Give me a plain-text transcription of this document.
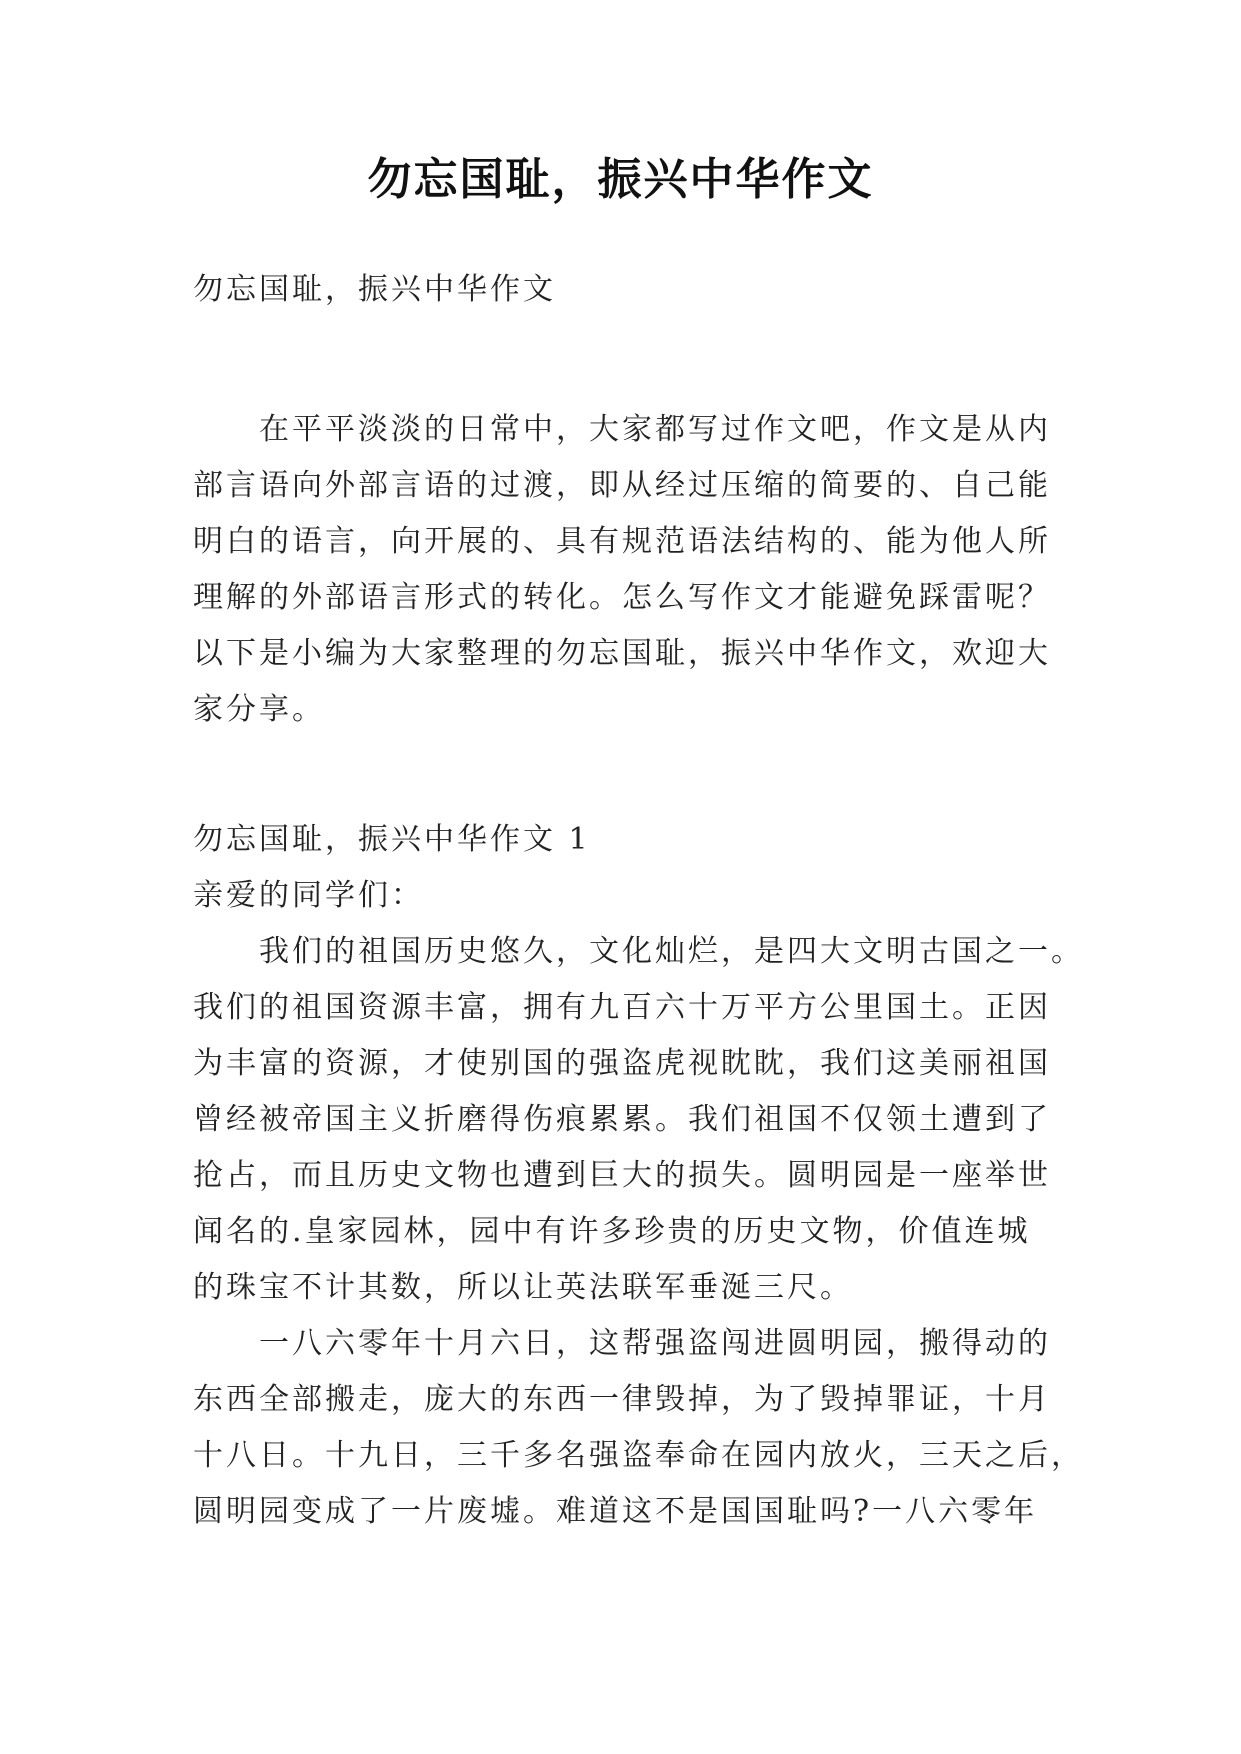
勿忘国耻，振兴中华作文
勿忘国耻，振兴中华作文

在平平淡淡的日常中，大家都写过作文吧，作文是从内
部言语向外部言语的过渡，即从经过压缩的简要的、自己能
明白的语言，向开展的、具有规范语法结构的、能为他人所
理解的外部语言形式的转化。怎么写作文才能避免踩雷呢？
以下是小编为大家整理的勿忘国耻，振兴中华作文，欢迎大
家分享。

勿忘国耻，振兴中华作文 1
亲爱的同学们：

我们的祖国历史悠久，文化灿烂，是四大文明古国之一。
我们的祖国资源丰富，拥有九百六十万平方公里国土。正因
为丰富的资源，才使别国的强盗虎视眈眈，我们这美丽祖国
曾经被帝国主义折磨得伤痕累累。我们祖国不仅领土遭到了
抢占，而且历史文物也遭到巨大的损失。圆明园是一座举世
闻名的.皇家园林，园中有许多珍贵的历史文物，价值连城
的珠宝不计其数，所以让英法联军垂涎三尺。

一八六零年十月六日，这帮强盗闯进圆明园，搬得动的
东西全部搬走，庞大的东西一律毁掉，为了毁掉罪证，十月
十八日。十九日，三千多名强盗奉命在园内放火，三天之后，
圆明园变成了一片废墟。难道这不是国国耻吗?一八六零年
